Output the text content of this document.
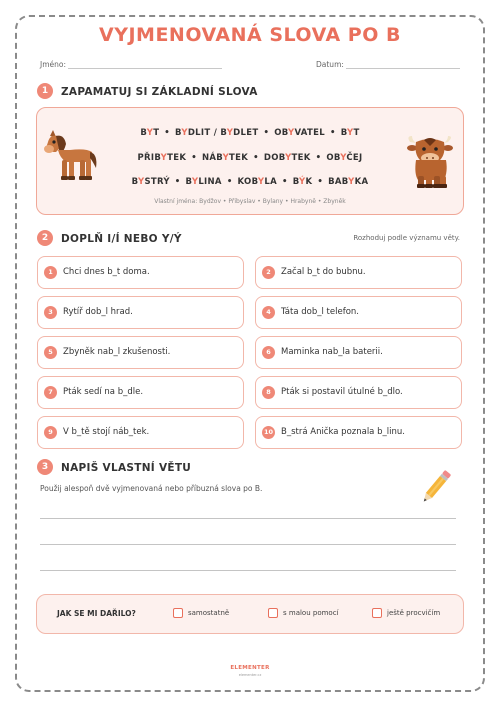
VYJMENOVANÁ SLOVA PO B
Jméno:	Datum:
1	ZAPAMATUJ SI ZÁKLADNÍ SLOVA
BYT • BYDLIT / BYDLET • OBYVATEL • BYT
PŘIBYTEK • NÁBYTEK • DOBYTEK • OBYČEJ
BYSTRÝ • BYLINA • KOBYLA • BÝK • BABYKA
Vlastní jména: Bydžov • Přibyslav • Bylany • Hrabyně • Zbyněk
2	DOPLŇ I/Í NEBO Y/Ý	Rozhoduj podle významu věty.
1	Chci dnes b_t doma.	2	Začal b_t do bubnu.
3	Rytíř dob_l hrad.	4	Táta dob_l telefon.
5	Zbyněk nab_l zkušenosti.	6	Maminka nab_la baterii.
7	Pták sedí na b_dle.	8	Pták si postavil útulné b_dlo.
9	V b_tě stojí náb_tek.	10 B_strá Anička poznala b_linu.
3	NAPIŠ VLASTNÍ VĚTU
Použij alespoň dvě vyjmenovaná nebo příbuzná slova po B.
JAK SE MI DAŘILO?	samostatně	s malou pomocí	ještě procvičím
ELEMENTER
elementer.cz
